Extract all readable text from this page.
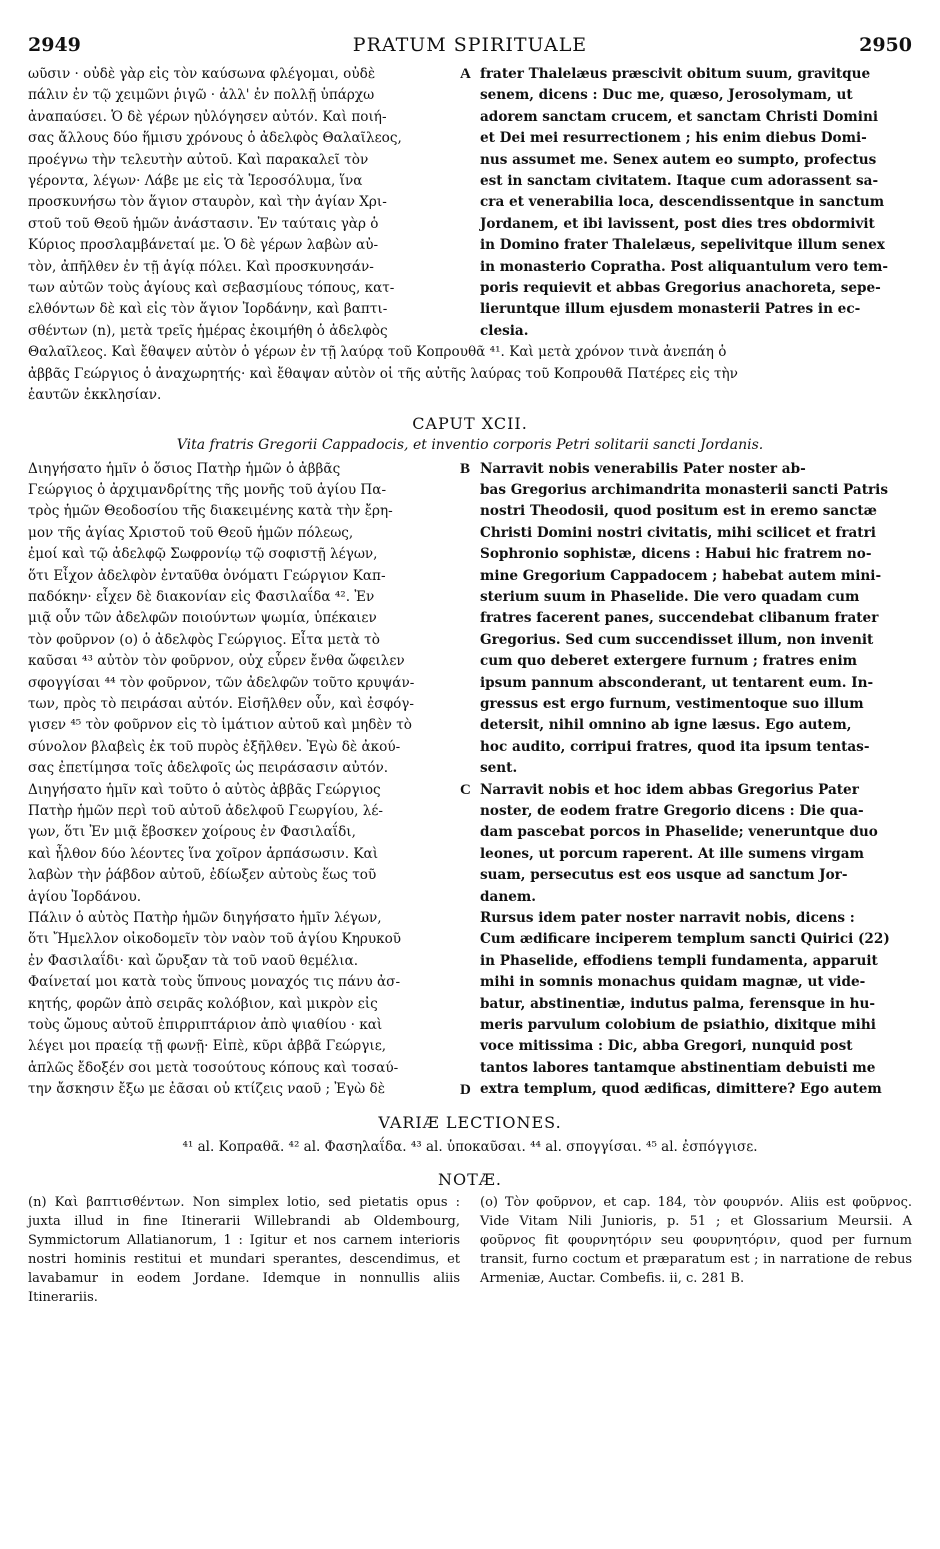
2949	PRATUM SPIRITUALE	2950

ωῦσιν · οὐδὲ γὰρ εἰς τὸν καύσωνα φλέγομαι, οὐδὲ

πάλιν ἐν τῷ χειμῶνι ῥιγῶ · ἀλλ' ἐν πολλῇ ὑπάρχω

ἀναπαύσει. Ὁ δὲ γέρων ηὐλόγησεν αὐτόν. Καὶ ποιή-

σας ἄλλους δύο ἥμισυ χρόνους ὁ ἀδελφὸς Θαλαῖλεος,

προέγνω τὴν τελευτὴν αὐτοῦ. Καὶ παρακαλεῖ τὸν

γέροντα, λέγων· Λάβε με εἰς τὰ Ἱεροσόλυμα, ἵνα

προσκυνήσω τὸν ἅγιον σταυρὸν, καὶ τὴν ἁγίαν Χρι-

στοῦ τοῦ Θεοῦ ἡμῶν ἀνάστασιν. Ἐν ταύταις γὰρ ὁ

Κύριος προσλαμβάνεταί με. Ὁ δὲ γέρων λαβὼν αὐ-

τὸν, ἀπῆλθεν ἐν τῇ ἁγίᾳ πόλει. Καὶ προσκυνησάν-

των αὐτῶν τοὺς ἁγίους καὶ σεβασμίους τόπους, κατ-

ελθόντων δὲ καὶ εἰς τὸν ἅγιον Ἰορδάνην, καὶ βαπτι-

σθέντων (n), μετὰ τρεῖς ἡμέρας ἐκοιμήθη ὁ ἀδελφὸς

A frater Thalelæus præscivit obitum suum, gravitque

senem, dicens : Duc me, quæso, Jerosolymam, ut

adorem sanctam crucem, et sanctam Christi Domini

et Dei mei resurrectionem ; his enim diebus Domi-

nus assumet me. Senex autem eo sumpto, profectus

est in sanctam civitatem. Itaque cum adorassent sa-

cra et venerabilia loca, descendissentque in sanctum

Jordanem, et ibi lavissent, post dies tres obdormivit

in Domino frater Thalelæus, sepelivitque illum senex

in monasterio Copratha. Post aliquantulum vero tem-

poris requievit et abbas Gregorius anachoreta, sepe-

lieruntque illum ejusdem monasterii Patres in ec-

clesia.

Θαλαῖλεος. Καὶ ἔθαψεν αὐτὸν ὁ γέρων ἐν τῇ λαύρᾳ τοῦ Κοπρουθᾶ ⁴¹. Καὶ μετὰ χρόνον τινὰ ἀνεπάη ὁ

ἀββᾶς Γεώργιος ὁ ἀναχωρητής· καὶ ἔθαψαν αὐτὸν οἱ τῆς αὐτῆς λαύρας τοῦ Κοπρουθᾶ Πατέρες εἰς τὴν

ἑαυτῶν ἐκκλησίαν.

CAPUT XCII.
Vita fratris Gregorii Cappadocis, et inventio corporis Petri solitarii sancti Jordanis.

Διηγήσατο ἡμῖν ὁ ὅσιος Πατὴρ ἡμῶν ὁ ἀββᾶς

Γεώργιος ὁ ἀρχιμανδρίτης τῆς μονῆς τοῦ ἁγίου Πα-

τρὸς ἡμῶν Θεοδοσίου τῆς διακειμένης κατὰ τὴν ἔρη-

μον τῆς ἁγίας Χριστοῦ τοῦ Θεοῦ ἡμῶν πόλεως,

ἐμοί καὶ τῷ ἀδελφῷ Σωφρονίῳ τῷ σοφιστῇ λέγων,

ὅτι Εἶχον ἀδελφὸν ἐνταῦθα ὀνόματι Γεώργιον Καπ-

παδόκην· εἶχεν δὲ διακονίαν εἰς Φασιλαΐδα ⁴². Ἐν

μιᾷ οὖν τῶν ἀδελφῶν ποιούντων ψωμία, ὑπέκαιεν

τὸν φοῦρνον (o) ὁ ἀδελφὸς Γεώργιος. Εἶτα μετὰ τὸ

καῦσαι ⁴³ αὐτὸν τὸν φοῦρνον, οὐχ εὗρεν ἔνθα ὤφειλεν

σφογγίσαι ⁴⁴ τὸν φοῦρνον, τῶν ἀδελφῶν τοῦτο κρυψάν-

των, πρὸς τὸ πειράσαι αὐτόν. Εἰσῆλθεν οὖν, καὶ ἐσφόγ-

γισεν ⁴⁵ τὸν φοῦρνον εἰς τὸ ἱμάτιον αὐτοῦ καὶ μηδὲν τὸ

σύνολον βλαβεὶς ἐκ τοῦ πυρὸς ἐξῆλθεν. Ἐγὼ δὲ ἀκού-

σας ἐπετίμησα τοῖς ἀδελφοῖς ὡς πειράσασιν αὐτόν.

Διηγήσατο ἡμῖν καὶ τοῦτο ὁ αὐτὸς ἀββᾶς Γεώργιος

Πατὴρ ἡμῶν περὶ τοῦ αὐτοῦ ἀδελφοῦ Γεωργίου, λέ-

γων, ὅτι Ἐν μιᾷ ἔβοσκεν χοίρους ἐν Φασιλαΐδι,

καὶ ἦλθον δύο λέοντες ἵνα χοῖρον ἁρπάσωσιν. Καὶ

λαβὼν τὴν ῥάβδον αὐτοῦ, ἐδίωξεν αὐτοὺς ἕως τοῦ

ἁγίου Ἰορδάνου.

Πάλιν ὁ αὐτὸς Πατὴρ ἡμῶν διηγήσατο ἡμῖν λέγων,

ὅτι Ἤμελλον οἰκοδομεῖν τὸν ναὸν τοῦ ἁγίου Κηρυκοῦ

ἐν Φασιλαΐδι· καὶ ὤρυξαν τὰ τοῦ ναοῦ θεμέλια.

Φαίνεταί μοι κατὰ τοὺς ὕπνους μοναχός τις πάνυ ἀσ-

κητής, φορῶν ἀπὸ σειρᾶς κολόβιον, καὶ μικρὸν εἰς

τοὺς ὤμους αὐτοῦ ἐπιρριπτάριον ἀπὸ ψιαθίου · καὶ

λέγει μοι πραείᾳ τῇ φωνῇ· Εἰπὲ, κῦρι ἀββᾶ Γεώργιε,

ἁπλῶς ἔδοξέν σοι μετὰ τοσούτους κόπους καὶ τοσαύ-

την ἄσκησιν ἔξω με ἐᾶσαι οὐ κτίζεις ναοῦ ; Ἐγὼ δὲ

B
C
D

Narravit nobis venerabilis Pater noster ab-

bas Gregorius archimandrita monasterii sancti Patris

nostri Theodosii, quod positum est in eremo sanctæ

Christi Domini nostri civitatis, mihi scilicet et fratri

Sophronio sophistæ, dicens : Habui hic fratrem no-

mine Gregorium Cappadocem ; habebat autem mini-

sterium suum in Phaselide. Die vero quadam cum

fratres facerent panes, succendebat clibanum frater

Gregorius. Sed cum succendisset illum, non invenit

cum quo deberet extergere furnum ; fratres enim

ipsum pannum absconderant, ut tentarent eum. In-

gressus est ergo furnum, vestimentoque suo illum

detersit, nihil omnino ab igne læsus. Ego autem,

hoc audito, corripui fratres, quod ita ipsum tentas-

sent.

Narravit nobis et hoc idem abbas Gregorius Pater

noster, de eodem fratre Gregorio dicens : Die qua-

dam pascebat porcos in Phaselide; veneruntque duo

leones, ut porcum raperent. At ille sumens virgam

suam, persecutus est eos usque ad sanctum Jor-

danem.

Rursus idem pater noster narravit nobis, dicens :

Cum ædificare inciperem templum sancti Quirici (22)

in Phaselide, effodiens templi fundamenta, apparuit

mihi in somnis monachus quidam magnæ, ut vide-

batur, abstinentiæ, indutus palma, ferensque in hu-

meris parvulum colobium de psiathio, dixitque mihi

voce mitissima : Dic, abba Gregori, nunquid post

tantos labores tantamque abstinentiam debuisti me

extra templum, quod ædificas, dimittere? Ego autem

VARIÆ LECTIONES.
⁴¹ al. Κοπραθᾶ. ⁴² al. Φασηλαΐδα. ⁴³ al. ὑποκαῦσαι. ⁴⁴ al. σπογγίσαι. ⁴⁵ al. ἐσπόγγισε.
NOTÆ.
(n) Καὶ βαπτισθέντων. Non simplex lotio, sed pietatis opus : juxta illud in fine Itinerarii Willebrandi ab Oldembourg, Symmictorum Allatianorum, 1 : Igitur et nos carnem interioris nostri hominis restitui et mundari sperantes, descendimus, et lavabamur in eodem Jordane. Idemque in nonnullis aliis Itinerariis.
(o) Τὸν φοῦρνον, et cap. 184, τὸν φουρνόν. Aliis est φοῦρνος. Vide Vitam Nili Junioris, p. 51 ; et Glossarium Meursii. A φοῦρνος fit φουρνητόριν seu φουρνητόριν, quod per furnum transit, furno coctum et præparatum est ; in narratione de rebus Armeniæ, Auctar. Combefis. ii, c. 281 B.
